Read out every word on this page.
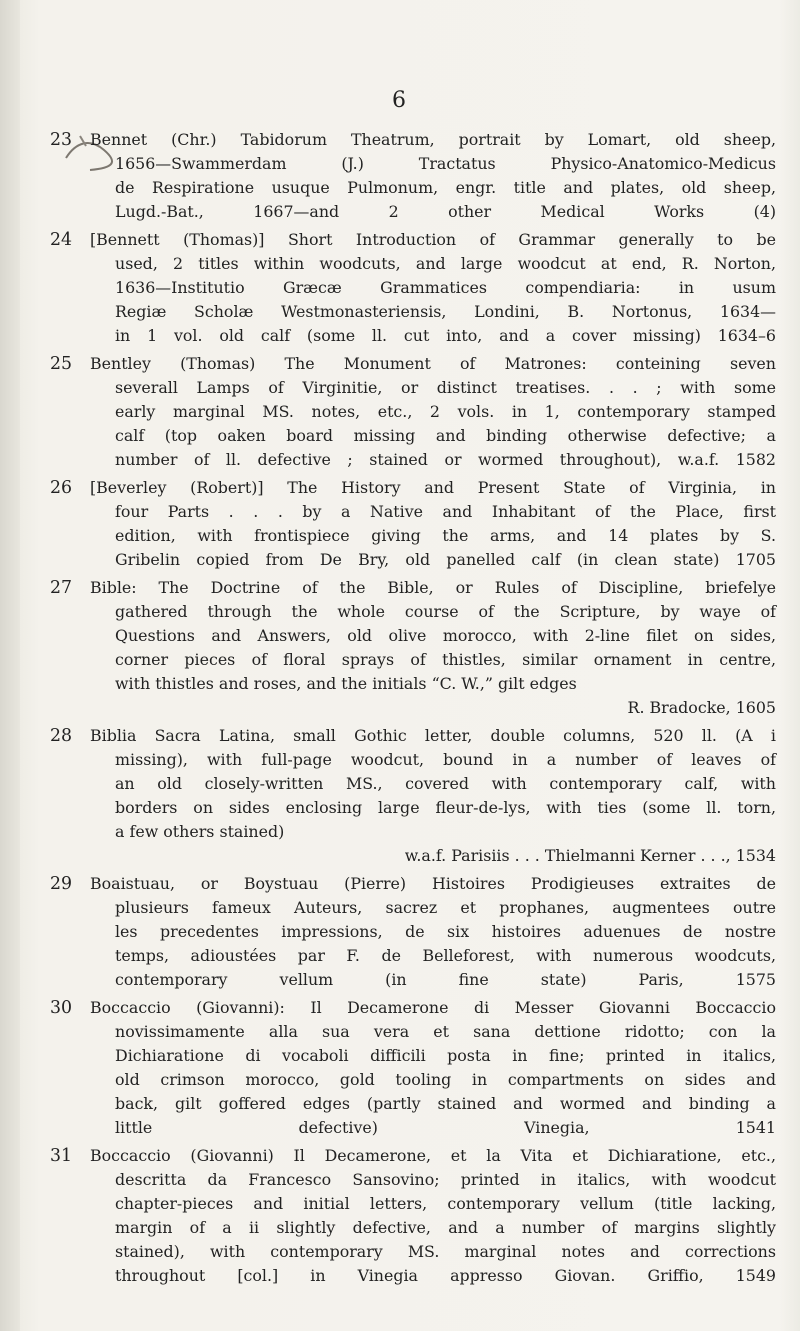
6
23	Bennet (Chr.) Tabidorum Theatrum, portrait by Lomart, old sheep,
1656—Swammerdam (J.) Tractatus Physico-Anatomico-Medicus
de Respiratione usuque Pulmonum, engr. title and plates, old sheep,
Lugd.-Bat., 1667—and 2 other Medical Works (4)
24	[Bennett (Thomas)] Short Introduction of Grammar generally to be
used, 2 titles within woodcuts, and large woodcut at end, R. Norton,
1636—Institutio Græcæ Grammatices compendiaria: in usum
Regiæ Scholæ Westmonasteriensis, Londini, B. Nortonus, 1634—
in 1 vol. old calf (some ll. cut into, and a cover missing) 1634–6
25	Bentley (Thomas) The Monument of Matrones: conteining seven
severall Lamps of Virginitie, or distinct treatises. . . ; with some
early marginal MS. notes, etc., 2 vols. in 1, contemporary stamped
calf (top oaken board missing and binding otherwise defective; a
number of ll. defective ; stained or wormed throughout), w.a.f. 1582
26	[Beverley (Robert)] The History and Present State of Virginia, in
four Parts . . . by a Native and Inhabitant of the Place, first
edition, with frontispiece giving the arms, and 14 plates by S.
Gribelin copied from De Bry, old panelled calf (in clean state) 1705
27	Bible: The Doctrine of the Bible, or Rules of Discipline, briefelye
gathered through the whole course of the Scripture, by waye of
Questions and Answers, old olive morocco, with 2-line filet on sides,
corner pieces of floral sprays of thistles, similar ornament in centre,
with thistles and roses, and the initials “C. W.,” gilt edges
R. Bradocke, 1605
28	Biblia Sacra Latina, small Gothic letter, double columns, 520 ll. (A i
missing), with full-page woodcut, bound in a number of leaves of
an old closely-written MS., covered with contemporary calf, with
borders on sides enclosing large fleur-de-lys, with ties (some ll. torn,
a few others stained)
w.a.f. Parisiis . . . Thielmanni Kerner . . ., 1534
29	Boaistuau, or Boystuau (Pierre) Histoires Prodigieuses extraites de
plusieurs fameux Auteurs, sacrez et prophanes, augmentees outre
les precedentes impressions, de six histoires aduenues de nostre
temps, adioustées par F. de Belleforest, with numerous woodcuts,
contemporary vellum (in fine state) Paris, 1575
30	Boccaccio (Giovanni): Il Decamerone di Messer Giovanni Boccaccio
novissimamente alla sua vera et sana dettione ridotto; con la
Dichiaratione di vocaboli difficili posta in fine; printed in italics,
old crimson morocco, gold tooling in compartments on sides and
back, gilt goffered edges (partly stained and wormed and binding a
little defective) Vinegia, 1541
31	Boccaccio (Giovanni) Il Decamerone, et la Vita et Dichiaratione, etc.,
descritta da Francesco Sansovino; printed in italics, with woodcut
chapter-pieces and initial letters, contemporary vellum (title lacking,
margin of a ii slightly defective, and a number of margins slightly
stained), with contemporary MS. marginal notes and corrections
throughout [col.] in Vinegia appresso Giovan. Griffio, 1549
